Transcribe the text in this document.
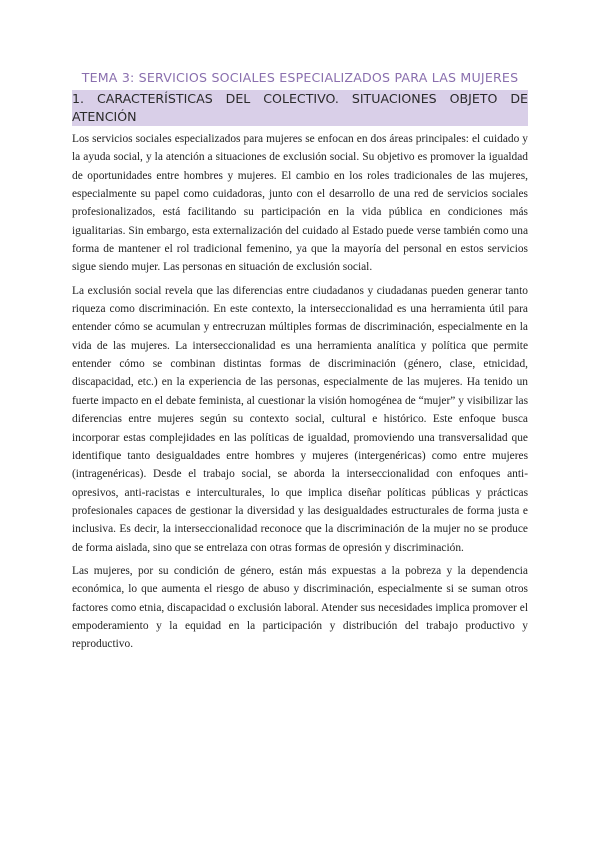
TEMA 3: SERVICIOS SOCIALES ESPECIALIZADOS PARA LAS MUJERES
1. CARACTERÍSTICAS DEL COLECTIVO. SITUACIONES OBJETO DE ATENCIÓN

Los servicios sociales especializados para mujeres se enfocan en dos áreas principales: el cuidado y la ayuda social, y la atención a situaciones de exclusión social. Su objetivo es promover la igualdad de oportunidades entre hombres y mujeres. El cambio en los roles tradicionales de las mujeres, especialmente su papel como cuidadoras, junto con el desarrollo de una red de servicios sociales profesionalizados, está facilitando su participación en la vida pública en condiciones más igualitarias. Sin embargo, esta externalización del cuidado al Estado puede verse también como una forma de mantener el rol tradicional femenino, ya que la mayoría del personal en estos servicios sigue siendo mujer. Las personas en situación de exclusión social.

La exclusión social revela que las diferencias entre ciudadanos y ciudadanas pueden generar tanto riqueza como discriminación. En este contexto, la interseccionalidad es una herramienta útil para entender cómo se acumulan y entrecruzan múltiples formas de discriminación, especialmente en la vida de las mujeres. La interseccionalidad es una herramienta analítica y política que permite entender cómo se combinan distintas formas de discriminación (género, clase, etnicidad, discapacidad, etc.) en la experiencia de las personas, especialmente de las mujeres. Ha tenido un fuerte impacto en el debate feminista, al cuestionar la visión homogénea de “mujer” y visibilizar las diferencias entre mujeres según su contexto social, cultural e histórico. Este enfoque busca incorporar estas complejidades en las políticas de igualdad, promoviendo una transversalidad que identifique tanto desigualdades entre hombres y mujeres (intergenéricas) como entre mujeres (intragenéricas). Desde el trabajo social, se aborda la interseccionalidad con enfoques anti-opresivos, anti-racistas e interculturales, lo que implica diseñar políticas públicas y prácticas profesionales capaces de gestionar la diversidad y las desigualdades estructurales de forma justa e inclusiva. Es decir, la interseccionalidad reconoce que la discriminación de la mujer no se produce de forma aislada, sino que se entrelaza con otras formas de opresión y discriminación.

Las mujeres, por su condición de género, están más expuestas a la pobreza y la dependencia económica, lo que aumenta el riesgo de abuso y discriminación, especialmente si se suman otros factores como etnia, discapacidad o exclusión laboral. Atender sus necesidades implica promover el empoderamiento y la equidad en la participación y distribución del trabajo productivo y reproductivo.
